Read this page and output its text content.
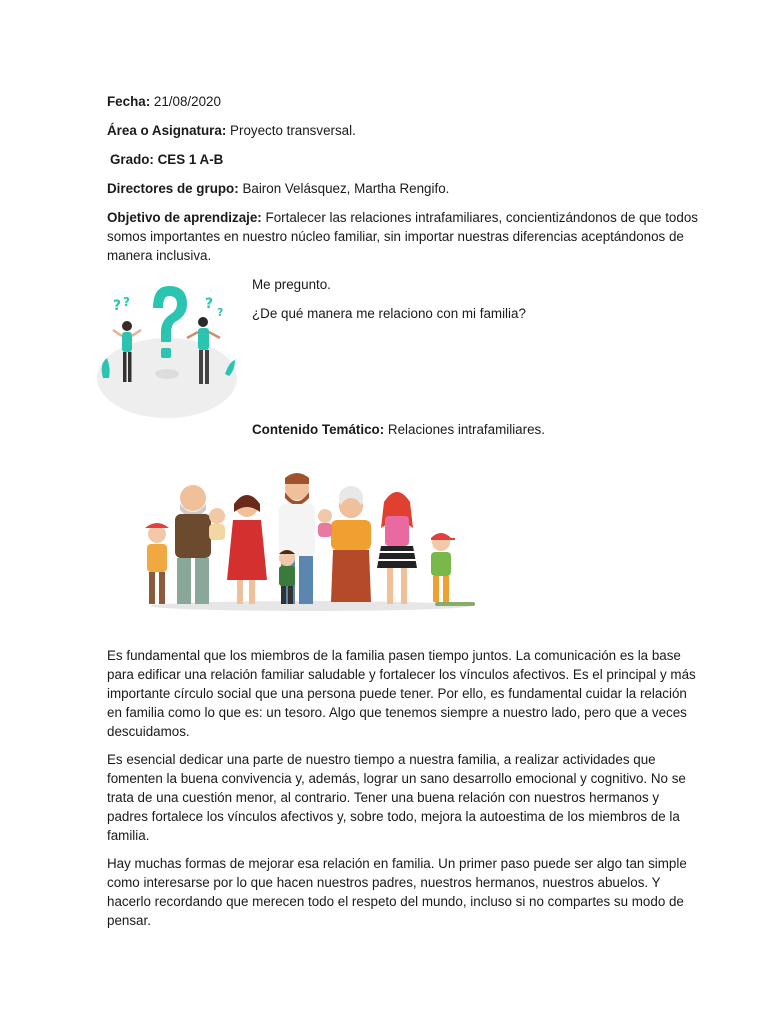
Fecha: 21/08/2020
Área o Asignatura: Proyecto transversal.
Grado: CES 1 A-B
Directores de grupo: Bairon Velásquez, Martha Rengifo.
Objetivo de aprendizaje: Fortalecer las relaciones intrafamiliares, concientizándonos de que todos
somos importantes en nuestro núcleo familiar, sin importar nuestras diferencias aceptándonos de
manera inclusiva.
? ?	?
?
Me pregunto.
¿De qué manera me relaciono con mi familia?
Contenido Temático: Relaciones intrafamiliares.
Es fundamental que los miembros de la familia pasen tiempo juntos. La comunicación es la base
para edificar una relación familiar saludable y fortalecer los vínculos afectivos. Es el principal y más
importante círculo social que una persona puede tener. Por ello, es fundamental cuidar la relación
en familia como lo que es: un tesoro. Algo que tenemos siempre a nuestro lado, pero que a veces
descuidamos.
Es esencial dedicar una parte de nuestro tiempo a nuestra familia, a realizar actividades que
fomenten la buena convivencia y, además, lograr un sano desarrollo emocional y cognitivo. No se
trata de una cuestión menor, al contrario. Tener una buena relación con nuestros hermanos y
padres fortalece los vínculos afectivos y, sobre todo, mejora la autoestima de los miembros de la
familia.
Hay muchas formas de mejorar esa relación en familia. Un primer paso puede ser algo tan simple
como interesarse por lo que hacen nuestros padres, nuestros hermanos, nuestros abuelos. Y
hacerlo recordando que merecen todo el respeto del mundo, incluso si no compartes su modo de
pensar.
